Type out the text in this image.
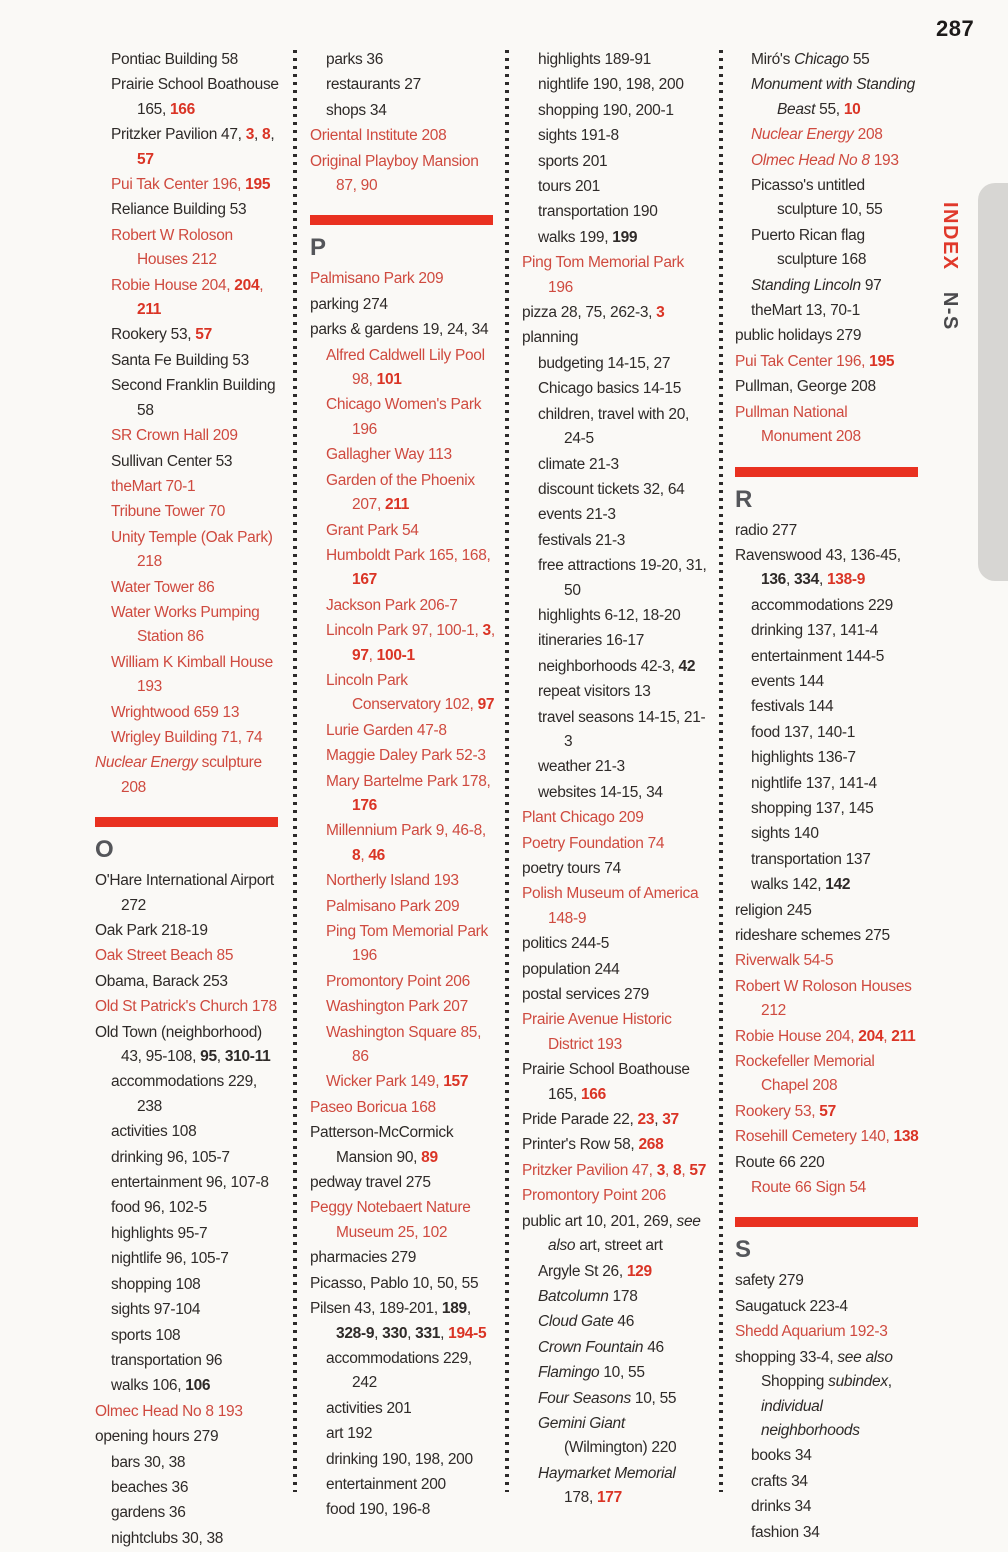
287
INDEX   N-S
Pontiac Building 58
Prairie School Boathouse 165, 166
Pritzker Pavilion 47, 3, 8, 57
Pui Tak Center 196, 195
Reliance Building 53
Robert W Roloson Houses 212
Robie House 204, 204, 211
Rookery 53, 57
Santa Fe Building 53
Second Franklin Building 58
SR Crown Hall 209
Sullivan Center 53
theMart 70-1
Tribune Tower 70
Unity Temple (Oak Park) 218
Water Tower 86
Water Works Pumping Station 86
William K Kimball House 193
Wrightwood 659 13
Wrigley Building 71, 74
Nuclear Energy sculpture 208
O
O'Hare International Airport 272
Oak Park 218-19
Oak Street Beach 85
Obama, Barack 253
Old St Patrick's Church 178
Old Town (neighborhood) 43, 95-108, 95, 310-11
accommodations 229, 238
activities 108
drinking 96, 105-7
entertainment 96, 107-8
food 96, 102-5
highlights 95-7
nightlife 96, 105-7
shopping 108
sights 97-104
sports 108
transportation 96
walks 106, 106
Olmec Head No 8 193
opening hours 279
bars 30, 38
beaches 36
gardens 36
nightclubs 30, 38
parks 36
restaurants 27
shops 34
Oriental Institute 208
Original Playboy Mansion 87, 90
P
Palmisano Park 209
parking 274
parks & gardens 19, 24, 34
Alfred Caldwell Lily Pool 98, 101
Chicago Women's Park 196
Gallagher Way 113
Garden of the Phoenix 207, 211
Grant Park 54
Humboldt Park 165, 168, 167
Jackson Park 206-7
Lincoln Park 97, 100-1, 3, 97, 100-1
Lincoln Park Conservatory 102, 97
Lurie Garden 47-8
Maggie Daley Park 52-3
Mary Bartelme Park 178, 176
Millennium Park 9, 46-8, 8, 46
Northerly Island 193
Palmisano Park 209
Ping Tom Memorial Park 196
Promontory Point 206
Washington Park 207
Washington Square 85, 86
Wicker Park 149, 157
Paseo Boricua 168
Patterson-McCormick Mansion 90, 89
pedway travel 275
Peggy Notebaert Nature Museum 25, 102
pharmacies 279
Picasso, Pablo 10, 50, 55
Pilsen 43, 189-201, 189, 328-9, 330, 331, 194-5
accommodations 229, 242
activities 201
art 192
drinking 190, 198, 200
entertainment 200
food 190, 196-8
highlights 189-91
nightlife 190, 198, 200
shopping 190, 200-1
sights 191-8
sports 201
tours 201
transportation 190
walks 199, 199
Ping Tom Memorial Park 196
pizza 28, 75, 262-3, 3
planning
budgeting 14-15, 27
Chicago basics 14-15
children, travel with 20, 24-5
climate 21-3
discount tickets 32, 64
events 21-3
festivals 21-3
free attractions 19-20, 31, 50
highlights 6-12, 18-20
itineraries 16-17
neighborhoods 42-3, 42
repeat visitors 13
travel seasons 14-15, 21-3
weather 21-3
websites 14-15, 34
Plant Chicago 209
Poetry Foundation 74
poetry tours 74
Polish Museum of America 148-9
politics 244-5
population 244
postal services 279
Prairie Avenue Historic District 193
Prairie School Boathouse 165, 166
Pride Parade 22, 23, 37
Printer's Row 58, 268
Pritzker Pavilion 47, 3, 8, 57
Promontory Point 206
public art 10, 201, 269, see also art, street art
Argyle St 26, 129
Batcolumn 178
Cloud Gate 46
Crown Fountain 46
Flamingo 10, 55
Four Seasons 10, 55
Gemini Giant (Wilmington) 220
Haymarket Memorial 178, 177
Miró's Chicago 55
Monument with Standing Beast 55, 10
Nuclear Energy 208
Olmec Head No 8 193
Picasso's untitled sculpture 10, 55
Puerto Rican flag sculpture 168
Standing Lincoln 97
theMart 13, 70-1
public holidays 279
Pui Tak Center 196, 195
Pullman, George 208
Pullman National Monument 208
R
radio 277
Ravenswood 43, 136-45, 136, 334, 138-9
accommodations 229
drinking 137, 141-4
entertainment 144-5
events 144
festivals 144
food 137, 140-1
highlights 136-7
nightlife 137, 141-4
shopping 137, 145
sights 140
transportation 137
walks 142, 142
religion 245
rideshare schemes 275
Riverwalk 54-5
Robert W Roloson Houses 212
Robie House 204, 204, 211
Rockefeller Memorial Chapel 208
Rookery 53, 57
Rosehill Cemetery 140, 138
Route 66 220
Route 66 Sign 54
S
safety 279
Saugatuck 223-4
Shedd Aquarium 192-3
shopping 33-4, see also Shopping subindex, individual neighborhoods
books 34
crafts 34
drinks 34
fashion 34
